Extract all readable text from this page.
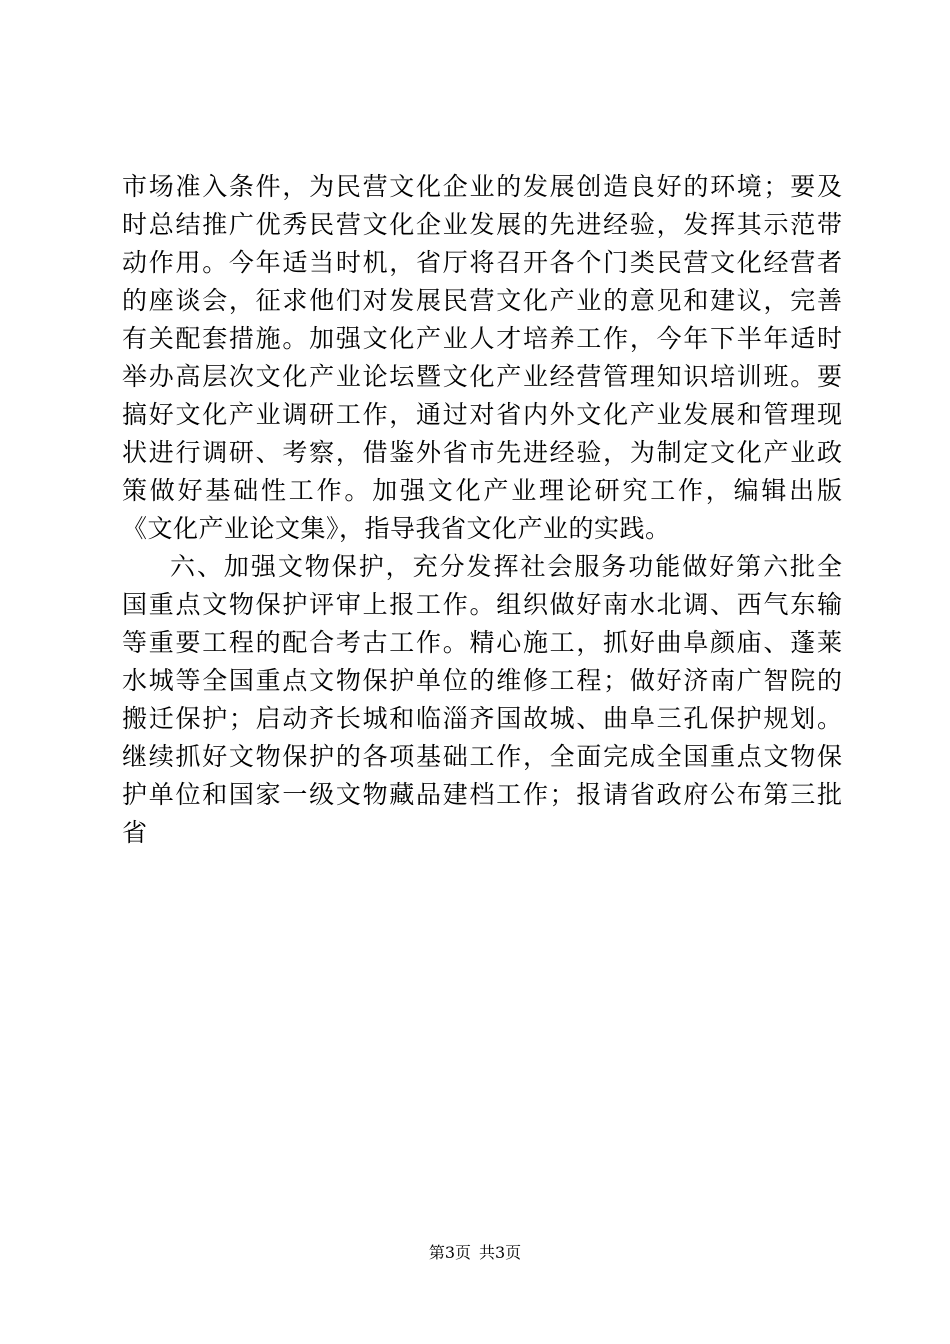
市场准入条件，为民营文化企业的发展创造良好的环境；要及
时总结推广优秀民营文化企业发展的先进经验，发挥其示范带
动作用。今年适当时机，省厅将召开各个门类民营文化经营者
的座谈会，征求他们对发展民营文化产业的意见和建议，完善
有关配套措施。加强文化产业人才培养工作，今年下半年适时
举办高层次文化产业论坛暨文化产业经营管理知识培训班。要
搞好文化产业调研工作，通过对省内外文化产业发展和管理现
状进行调研、考察，借鉴外省市先进经验，为制定文化产业政
策做好基础性工作。加强文化产业理论研究工作，编辑出版
《文化产业论文集》，指导我省文化产业的实践。
六、加强文物保护，充分发挥社会服务功能做好第六批全
国重点文物保护评审上报工作。组织做好南水北调、西气东输
等重要工程的配合考古工作。精心施工，抓好曲阜颜庙、蓬莱
水城等全国重点文物保护单位的维修工程；做好济南广智院的
搬迁保护；启动齐长城和临淄齐国故城、曲阜三孔保护规划。
继续抓好文物保护的各项基础工作，全面完成全国重点文物保
护单位和国家一级文物藏品建档工作；报请省政府公布第三批
省
第3页 共3页
